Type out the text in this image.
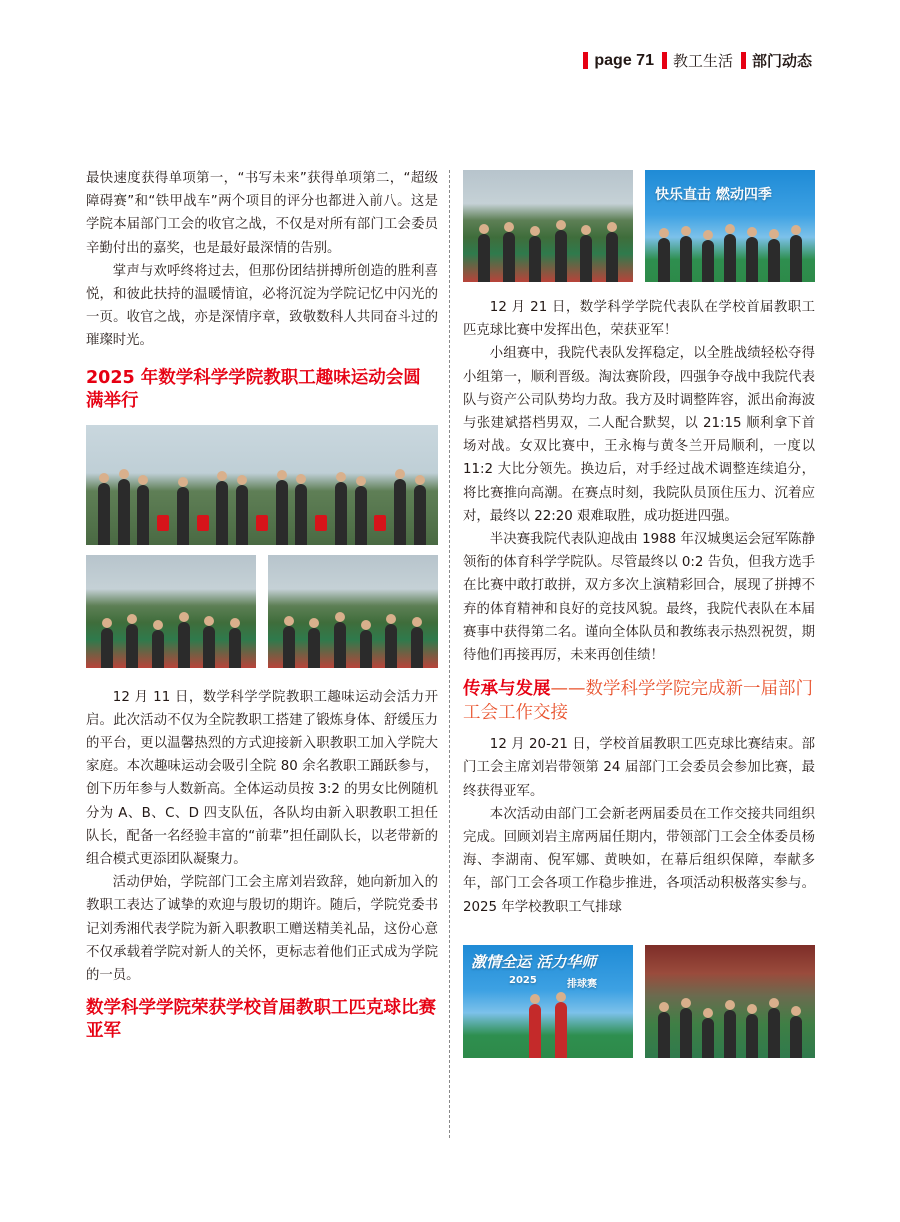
page 71 教工生活 部门动态

最快速度获得单项第一，“书写未来”获得单项第二，“超级障碍赛”和“铁甲战车”两个项目的评分也都进入前八。这是学院本届部门工会的收官之战，不仅是对所有部门工会委员辛勤付出的嘉奖，也是最好最深情的告别。

掌声与欢呼终将过去，但那份团结拼搏所创造的胜利喜悦，和彼此扶持的温暖情谊，必将沉淀为学院记忆中闪光的一页。收官之战，亦是深情序章，致敬数科人共同奋斗过的璀璨时光。

2025 年数学科学学院教职工趣味运动会圆满举行

12 月 11 日，数学科学学院教职工趣味运动会活力开启。此次活动不仅为全院教职工搭建了锻炼身体、舒缓压力的平台，更以温馨热烈的方式迎接新入职教职工加入学院大家庭。本次趣味运动会吸引全院 80 余名教职工踊跃参与，创下历年参与人数新高。全体运动员按 3:2 的男女比例随机分为 A、B、C、D 四支队伍，各队均由新入职教职工担任队长，配备一名经验丰富的“前辈”担任副队长，以老带新的组合模式更添团队凝聚力。

活动伊始，学院部门工会主席刘岩致辞，她向新加入的教职工表达了诚挚的欢迎与殷切的期许。随后，学院党委书记刘秀湘代表学院为新入职教职工赠送精美礼品，这份心意不仅承载着学院对新人的关怀，更标志着他们正式成为学院的一员。

数学科学学院荣获学校首届教职工匹克球比赛亚军
快乐直击 燃动四季

12 月 21 日，数学科学学院代表队在学校首届教职工匹克球比赛中发挥出色，荣获亚军！

小组赛中，我院代表队发挥稳定，以全胜战绩轻松夺得小组第一，顺利晋级。淘汰赛阶段，四强争夺战中我院代表队与资产公司队势均力敌。我方及时调整阵容，派出俞海波与张建斌搭档男双，二人配合默契，以 21:15 顺利拿下首场对战。女双比赛中，王永梅与黄冬兰开局顺利，一度以 11:2 大比分领先。换边后，对手经过战术调整连续追分，将比赛推向高潮。在赛点时刻，我院队员顶住压力、沉着应对，最终以 22:20 艰难取胜，成功挺进四强。

半决赛我院代表队迎战由 1988 年汉城奥运会冠军陈静领衔的体育科学学院队。尽管最终以 0:2 告负，但我方选手在比赛中敢打敢拼，双方多次上演精彩回合，展现了拼搏不弃的体育精神和良好的竞技风貌。最终，我院代表队在本届赛事中获得第二名。谨向全体队员和教练表示热烈祝贺，期待他们再接再厉，未来再创佳绩！

传承与发展——数学科学学院完成新一届部门工会工作交接

12 月 20-21 日，学校首届教职工匹克球比赛结束。部门工会主席刘岩带领第 24 届部门工会委员会参加比赛，最终获得亚军。

本次活动由部门工会新老两届委员在工作交接共同组织完成。回顾刘岩主席两届任期内，带领部门工会全体委员杨海、李湖南、倪军娜、黄映如，在幕后组织保障，奉献多年，部门工会各项工作稳步推进，各项活动积极落实参与。2025 年学校教职工气排球

激情全运 活力华师
2025	排球赛
